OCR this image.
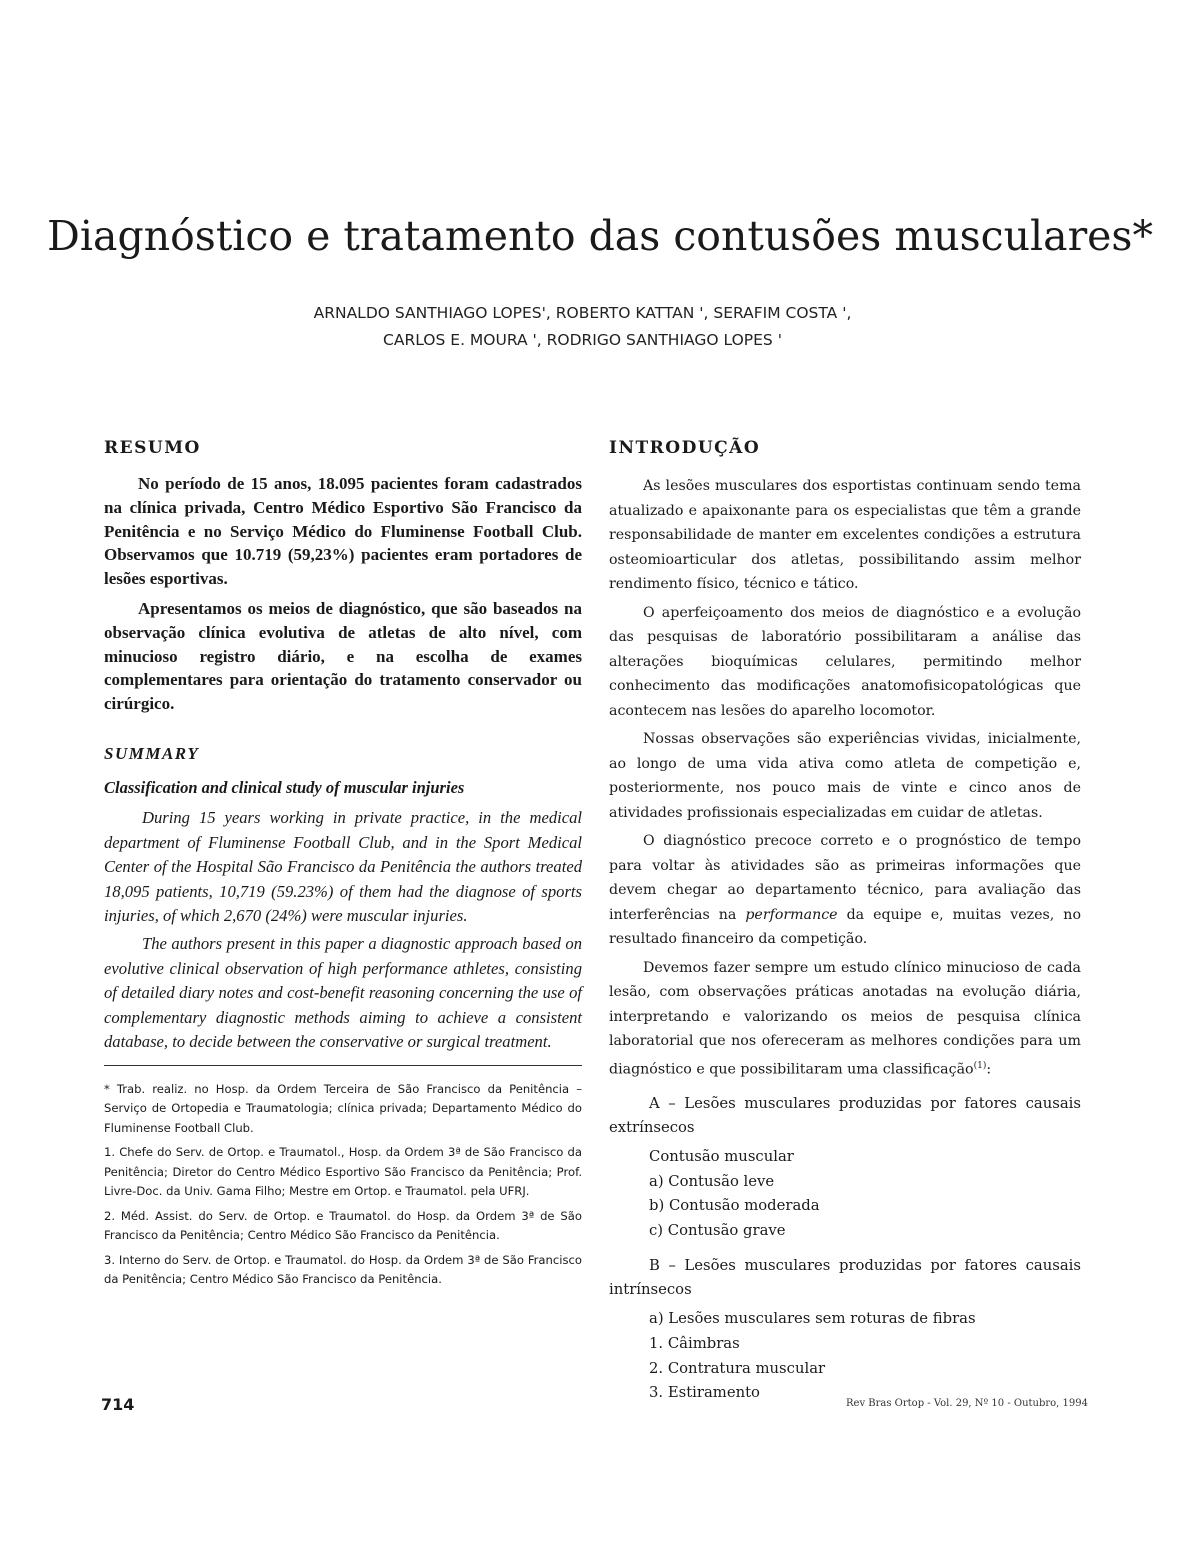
Diagnóstico e tratamento das contusões musculares*
ARNALDO SANTHIAGO LOPES', ROBERTO KATTAN ', SERAFIM COSTA ',
CARLOS E. MOURA ', RODRIGO SANTHIAGO LOPES '
RESUMO

No período de 15 anos, 18.095 pacientes foram cadastrados na clínica privada, Centro Médico Esportivo São Francisco da Penitência e no Serviço Médico do Fluminense Football Club. Observamos que 10.719 (59,23%) pacientes eram portadores de lesões esportivas.

Apresentamos os meios de diagnóstico, que são baseados na observação clínica evolutiva de atletas de alto nível, com minucioso registro diário, e na escolha de exames complementares para orientação do tratamento conservador ou cirúrgico.

SUMMARY
Classification and clinical study of muscular injuries

During 15 years working in private practice, in the medical department of Fluminense Football Club, and in the Sport Medical Center of the Hospital São Francisco da Penitência the authors treated 18,095 patients, 10,719 (59.23%) of them had the diagnose of sports injuries, of which 2,670 (24%) were muscular injuries.

The authors present in this paper a diagnostic approach based on evolutive clinical observation of high performance athletes, consisting of detailed diary notes and cost-benefit reasoning concerning the use of complementary diagnostic methods aiming to achieve a consistent database, to decide between the conservative or surgical treatment.

* Trab. realiz. no Hosp. da Ordem Terceira de São Francisco da Penitência – Serviço de Ortopedia e Traumatologia; clínica privada; Departamento Médico do Fluminense Football Club.

1. Chefe do Serv. de Ortop. e Traumatol., Hosp. da Ordem 3ª de São Francisco da Penitência; Diretor do Centro Médico Esportivo São Francisco da Penitência; Prof. Livre-Doc. da Univ. Gama Filho; Mestre em Ortop. e Traumatol. pela UFRJ.

2. Méd. Assist. do Serv. de Ortop. e Traumatol. do Hosp. da Ordem 3ª de São Francisco da Penitência; Centro Médico São Francisco da Penitência.

3. Interno do Serv. de Ortop. e Traumatol. do Hosp. da Ordem 3ª de São Francisco da Penitência; Centro Médico São Francisco da Penitência.

INTRODUÇÃO

As lesões musculares dos esportistas continuam sendo tema atualizado e apaixonante para os especialistas que têm a grande responsabilidade de manter em excelentes condições a estrutura osteomioarticular dos atletas, possibilitando assim melhor rendimento físico, técnico e tático.

O aperfeiçoamento dos meios de diagnóstico e a evolução das pesquisas de laboratório possibilitaram a análise das alterações bioquímicas celulares, permitindo melhor conhecimento das modificações anatomofisicopatológicas que acontecem nas lesões do aparelho locomotor.

Nossas observações são experiências vividas, inicialmente, ao longo de uma vida ativa como atleta de competição e, posteriormente, nos pouco mais de vinte e cinco anos de atividades profissionais especializadas em cuidar de atletas.

O diagnóstico precoce correto e o prognóstico de tempo para voltar às atividades são as primeiras informações que devem chegar ao departamento técnico, para avaliação das interferências na performance da equipe e, muitas vezes, no resultado financeiro da competição.

Devemos fazer sempre um estudo clínico minucioso de cada lesão, com observações práticas anotadas na evolução diária, interpretando e valorizando os meios de pesquisa clínica laboratorial que nos ofereceram as melhores condições para um diagnóstico e que possibilitaram uma classificação$^{(1)}$:

A – Lesões musculares produzidas por fatores causais extrínsecos

Contusão muscular
a) Contusão leve
b) Contusão moderada
c) Contusão grave

B – Lesões musculares produzidas por fatores causais intrínsecos

a) Lesões musculares sem roturas de fibras
1. Câimbras
2. Contratura muscular
3. Estiramento
714	Rev Bras Ortop - Vol. 29, Nº 10 - Outubro, 1994
